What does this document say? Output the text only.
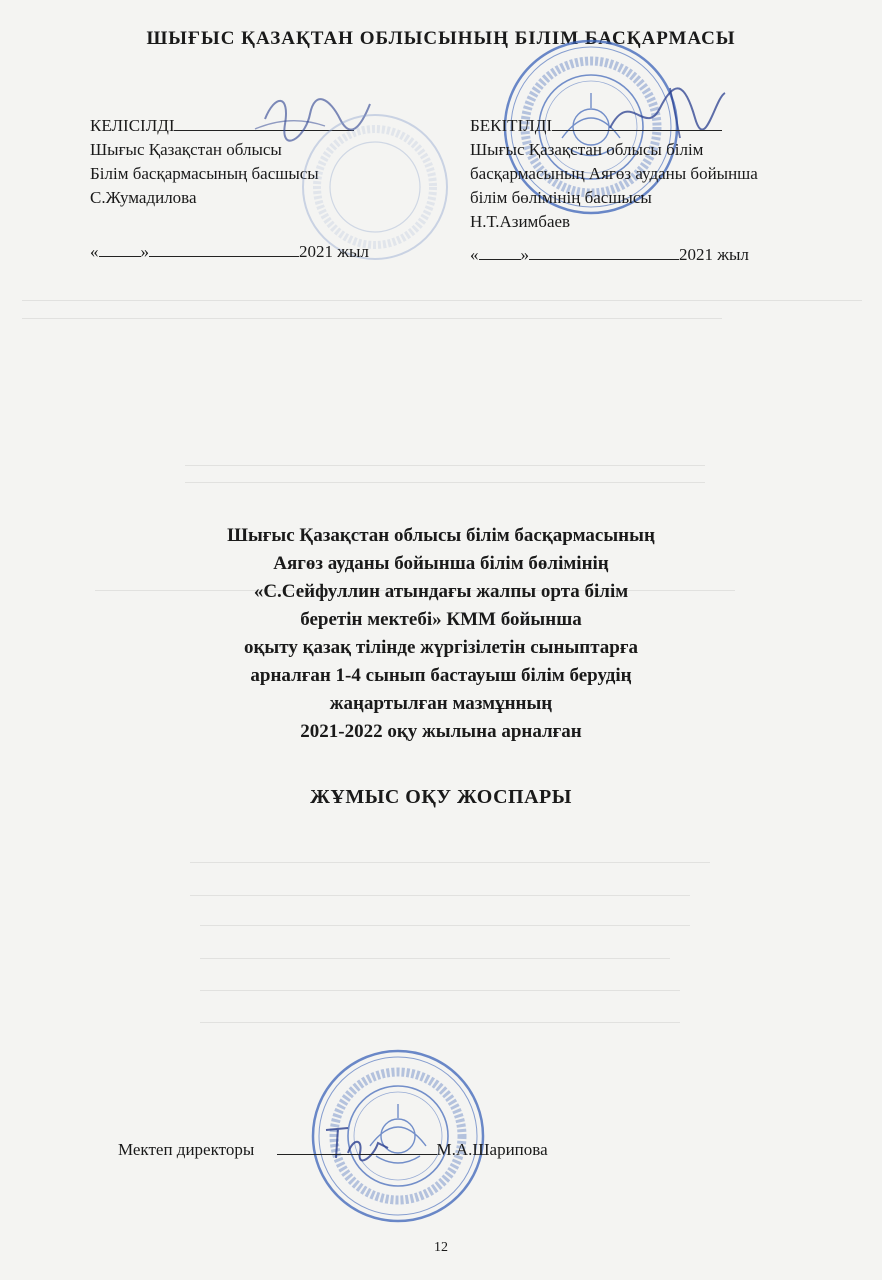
ШЫҒЫС ҚАЗАҚТАН ОБЛЫСЫНЫҢ БІЛІМ БАСҚАРМАСЫ
КЕЛІСІЛДІ
Шығыс Қазақстан облысы
Білім басқармасының басшысы
С.Жумадилова
« »	2021 жыл
БЕКІТІЛДІ
Шығыс Қазақстан облысы білім
басқармасының Аягөз ауданы бойынша
білім бөлімінің басшысы
Н.Т.Азимбаев
« »	2021 жыл
Шығыс Қазақстан облысы білім басқармасының
Аягөз ауданы бойынша білім бөлімінің
«С.Сейфуллин атындағы жалпы орта білім
беретін мектебі» КММ бойынша
оқыту қазақ тілінде жүргізілетін сыныптарға
арналған 1-4 сынып бастауыш білім берудің
жаңартылған мазмұнның
2021-2022 оқу жылына арналған
ЖҰМЫС ОҚУ ЖОСПАРЫ
Мектеп директоры	М.А.Шарипова
12
